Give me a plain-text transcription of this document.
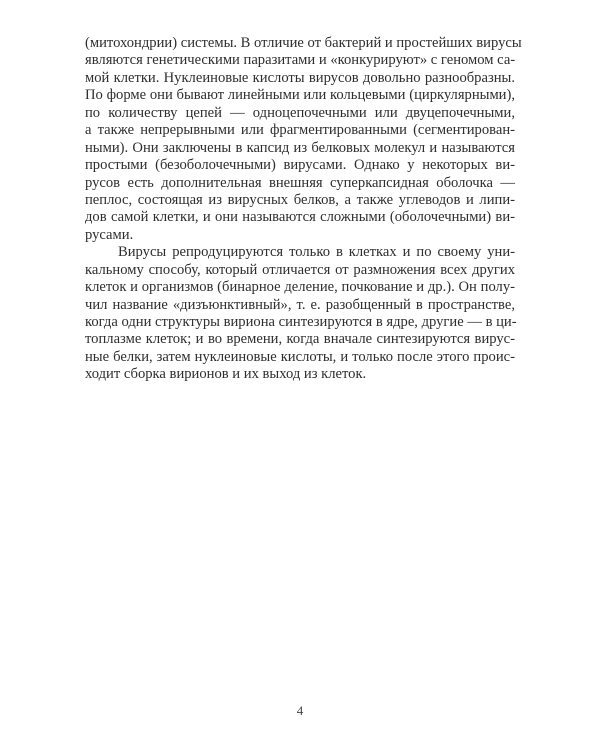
(митохондрии) системы. В отличие от бактерий и простейших вирусы
являются генетическими паразитами и «конкурируют» с геномом са-
мой клетки. Нуклеиновые кислоты вирусов довольно разнообразны.
По форме они бывают линейными или кольцевыми (циркулярными),
по количеству цепей — одноцепочечными или двуцепочечными,
а также непрерывными или фрагментированными (сегментирован-
ными). Они заключены в капсид из белковых молекул и называются
простыми (безоболочечными) вирусами. Однако у некоторых ви-
русов есть дополнительная внешняя суперкапсидная оболочка —
пеплос, состоящая из вирусных белков, а также углеводов и липи-
дов самой клетки, и они называются сложными (оболочечными) ви-
русами.
Вирусы репродуцируются только в клетках и по своему уни-
кальному способу, который отличается от размножения всех других
клеток и организмов (бинарное деление, почкование и др.). Он полу-
чил название «дизъюнктивный», т. е. разобщенный в пространстве,
когда одни структуры вириона синтезируются в ядре, другие — в ци-
топлазме клеток; и во времени, когда вначале синтезируются вирус-
ные белки, затем нуклеиновые кислоты, и только после этого проис-
ходит сборка вирионов и их выход из клеток.
4
